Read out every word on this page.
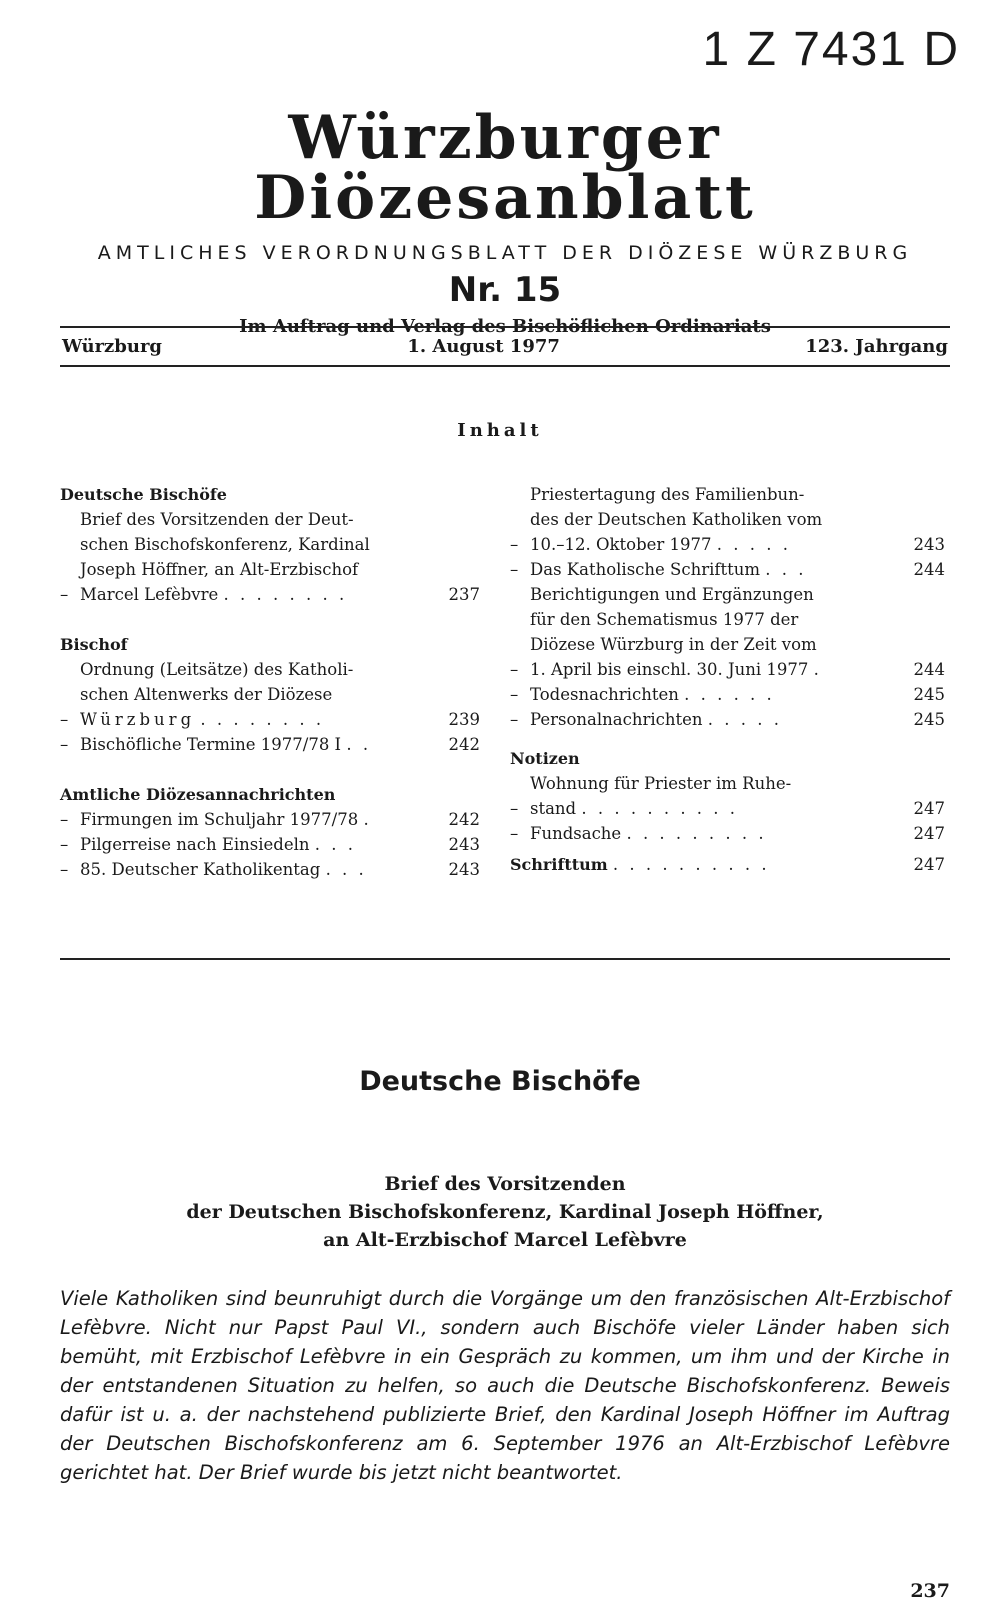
1 Z 7431 D
Würzburger Diözesanblatt
AMTLICHES VERORDNUNGSBLATT DER DIÖZESE WÜRZBURG
Nr. 15
Im Auftrag und Verlag des Bischöflichen Ordinariats
Würzburg	1. August 1977	123. Jahrgang
Inhalt
Deutsche Bischöfe
–
Brief des Vorsitzenden der Deut-
schen Bischofskonferenz, Kardinal
Joseph Höffner, an Alt-Erzbischof
Marcel Lefèbvre . . . . . . . .	237
Bischof
–
Ordnung (Leitsätze) des Katholi-
schen Altenwerks der Diözese
Würzburg . . . . . . . .	239
– Bischöfliche Termine 1977/78 I . .	242
Amtliche Diözesannachrichten
– Firmungen im Schuljahr 1977/78 .	242
– Pilgerreise nach Einsiedeln . . .	243
– 85. Deutscher Katholikentag . . .	243
–
Priestertagung des Familienbun-
des der Deutschen Katholiken vom
10.–12. Oktober 1977 . . . . .	243
– Das Katholische Schrifttum . . .	244
–
Berichtigungen und Ergänzungen
für den Schematismus 1977 der
Diözese Würzburg in der Zeit vom
1. April bis einschl. 30. Juni 1977 .	244
– Todesnachrichten . . . . . .	245
– Personalnachrichten . . . . .	245
Notizen
–
Wohnung für Priester im Ruhe-
stand . . . . . . . . . .	247
– Fundsache . . . . . . . . .	247
Schrifttum . . . . . . . . . .	247
Deutsche Bischöfe
Brief des Vorsitzenden
der Deutschen Bischofskonferenz, Kardinal Joseph Höffner,
an Alt-Erzbischof Marcel Lefèbvre

Viele Katholiken sind beunruhigt durch die Vorgänge um den französischen Alt-Erzbischof Lefèbvre. Nicht nur Papst Paul VI., sondern auch Bischöfe vieler Länder haben sich bemüht, mit Erzbischof Lefèbvre in ein Gespräch zu kommen, um ihm und der Kirche in der entstandenen Situation zu helfen, so auch die Deutsche Bischofskonferenz. Beweis dafür ist u. a. der nachstehend publizierte Brief, den Kardinal Joseph Höffner im Auftrag der Deutschen Bischofskonferenz am 6. September 1976 an Alt-Erzbischof Lefèbvre gerichtet hat. Der Brief wurde bis jetzt nicht beantwortet.

237
